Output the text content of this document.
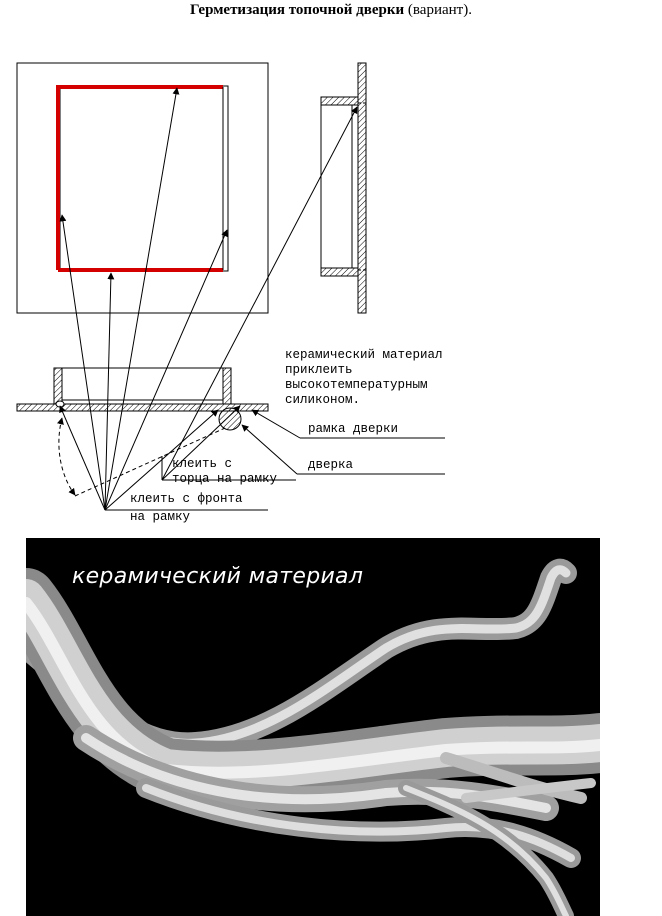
Герметизация топочной дверки (вариант).
керамический материал
приклеить
высокотемпературным
силиконом.
рамка дверки
дверка
клеить с
торца на рамку
клеить с фронта
на рамку
керамический материал
